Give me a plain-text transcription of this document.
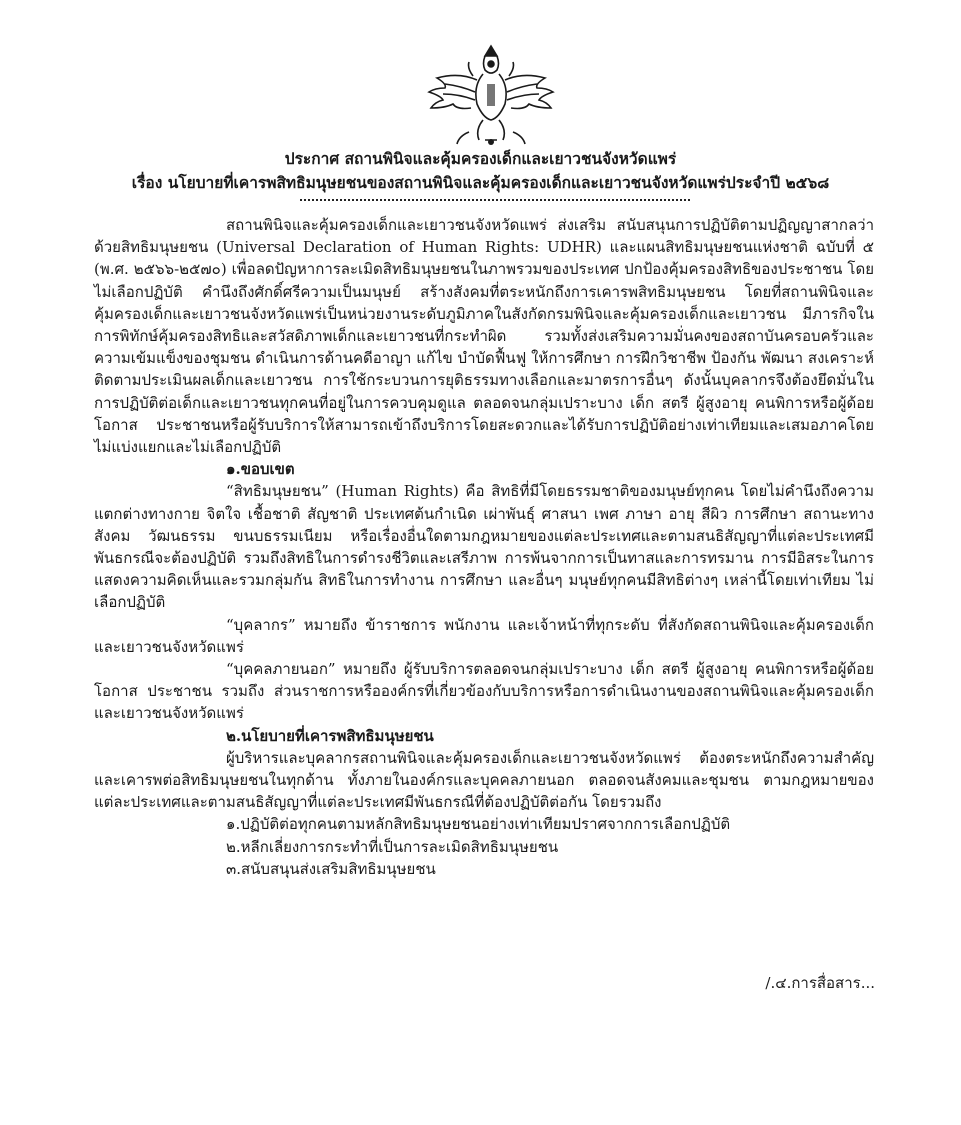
ประกาศ สถานพินิจและคุ้มครองเด็กและเยาวชนจังหวัดแพร่
เรื่อง นโยบายที่เคารพสิทธิมนุษยชนของสถานพินิจและคุ้มครองเด็กและเยาวชนจังหวัดแพร่ประจำปี ๒๕๖๘

สถานพินิจและคุ้มครองเด็กและเยาวชนจังหวัดแพร่ ส่งเสริม สนับสนุนการปฏิบัติตามปฏิญญาสากลว่าด้วยสิทธิมนุษยชน (Universal Declaration of Human Rights: UDHR) และแผนสิทธิมนุษยชนแห่งชาติ ฉบับที่ ๕ (พ.ศ. ๒๕๖๖-๒๕๗๐) เพื่อลดปัญหาการละเมิดสิทธิมนุษยชนในภาพรวมของประเทศ ปกป้องคุ้มครองสิทธิของประชาชน โดยไม่เลือกปฏิบัติ คำนึงถึงศักดิ์ศรีความเป็นมนุษย์ สร้างสังคมที่ตระหนักถึงการเคารพสิทธิมนุษยชน โดยที่สถานพินิจและคุ้มครองเด็กและเยาวชนจังหวัดแพร่เป็นหน่วยงานระดับภูมิภาคในสังกัดกรมพินิจและคุ้มครองเด็กและเยาวชน มีภารกิจในการพิทักษ์คุ้มครองสิทธิและสวัสดิภาพเด็กและเยาวชนที่กระทำผิด รวมทั้งส่งเสริมความมั่นคงของสถาบันครอบครัวและความเข้มแข็งของชุมชน ดำเนินการด้านคดีอาญา แก้ไข บำบัดฟื้นฟู ให้การศึกษา การฝึกวิชาชีพ ป้องกัน พัฒนา สงเคราะห์ ติดตามประเมินผลเด็กและเยาวชน การใช้กระบวนการยุติธรรมทางเลือกและมาตรการอื่นๆ ดังนั้นบุคลากรจึงต้องยึดมั่นในการปฏิบัติต่อเด็กและเยาวชนทุกคนที่อยู่ในการควบคุมดูแล ตลอดจนกลุ่มเปราะบาง เด็ก สตรี ผู้สูงอายุ คนพิการหรือผู้ด้อยโอกาส ประชาชนหรือผู้รับบริการให้สามารถเข้าถึงบริการโดยสะดวกและได้รับการปฏิบัติอย่างเท่าเทียมและเสมอภาคโดยไม่แบ่งแยกและไม่เลือกปฏิบัติ

๑.ขอบเขต

“สิทธิมนุษยชน” (Human Rights) คือ สิทธิที่มีโดยธรรมชาติของมนุษย์ทุกคน โดยไม่คำนึงถึงความแตกต่างทางกาย จิตใจ เชื้อชาติ สัญชาติ ประเทศต้นกำเนิด เผ่าพันธุ์ ศาสนา เพศ ภาษา อายุ สีผิว การศึกษา สถานะทางสังคม วัฒนธรรม ขนบธรรมเนียม หรือเรื่องอื่นใดตามกฎหมายของแต่ละประเทศและตามสนธิสัญญาที่แต่ละประเทศมีพันธกรณีจะต้องปฏิบัติ รวมถึงสิทธิในการดำรงชีวิตและเสรีภาพ การพ้นจากการเป็นทาสและการทรมาน การมีอิสระในการแสดงความคิดเห็นและรวมกลุ่มกัน สิทธิในการทำงาน การศึกษา และอื่นๆ มนุษย์ทุกคนมีสิทธิต่างๆ เหล่านี้โดยเท่าเทียม ไม่เลือกปฏิบัติ

“บุคลากร” หมายถึง ข้าราชการ พนักงาน และเจ้าหน้าที่ทุกระดับ ที่สังกัดสถานพินิจและคุ้มครองเด็กและเยาวชนจังหวัดแพร่

“บุคคลภายนอก” หมายถึง ผู้รับบริการตลอดจนกลุ่มเปราะบาง เด็ก สตรี ผู้สูงอายุ คนพิการหรือผู้ด้อยโอกาส ประชาชน รวมถึง ส่วนราชการหรือองค์กรที่เกี่ยวข้องกับบริการหรือการดำเนินงานของสถานพินิจและคุ้มครองเด็กและเยาวชนจังหวัดแพร่

๒.นโยบายที่เคารพสิทธิมนุษยชน

ผู้บริหารและบุคลากรสถานพินิจและคุ้มครองเด็กและเยาวชนจังหวัดแพร่ ต้องตระหนักถึงความสำคัญและเคารพต่อสิทธิมนุษยชนในทุกด้าน ทั้งภายในองค์กรและบุคคลภายนอก ตลอดจนสังคมและชุมชน ตามกฎหมายของแต่ละประเทศและตามสนธิสัญญาที่แต่ละประเทศมีพันธกรณีที่ต้องปฏิบัติต่อกัน โดยรวมถึง

๑.ปฏิบัติต่อทุกคนตามหลักสิทธิมนุษยชนอย่างเท่าเทียมปราศจากการเลือกปฏิบัติ

๒.หลีกเลี่ยงการกระทำที่เป็นการละเมิดสิทธิมนุษยชน

๓.สนับสนุนส่งเสริมสิทธิมนุษยชน

/.๔.การสื่อสาร...
